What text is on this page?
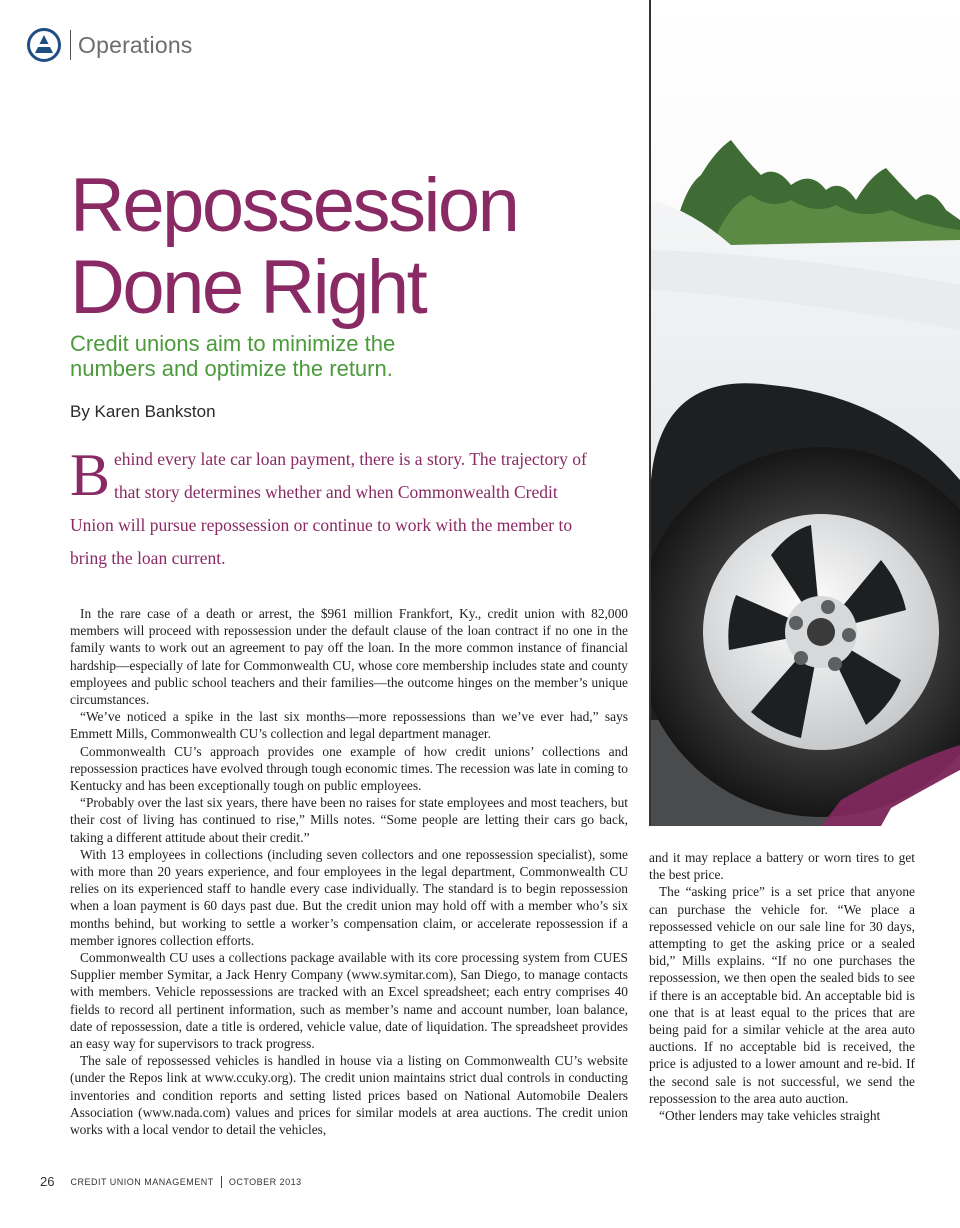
Operations
Repossession
Done Right

Credit unions aim to minimize the numbers and optimize the return.

By Karen Bankston

Behind every late car loan payment, there is a story. The trajectory of that story determines whether and when Commonwealth Credit Union will pursue repossession or continue to work with the member to bring the loan current.

In the rare case of a death or arrest, the $961 million Frankfort, Ky., credit union with 82,000 members will proceed with repossession under the default clause of the loan contract if no one in the family wants to work out an agreement to pay off the loan. In the more common instance of financial hardship—especially of late for Commonwealth CU, whose core membership includes state and county employees and public school teachers and their families—the outcome hinges on the member’s unique circumstances.

“We’ve noticed a spike in the last six months—more repossessions than we’ve ever had,” says Emmett Mills, Commonwealth CU’s collection and legal department manager.

Commonwealth CU’s approach provides one example of how credit unions’ collections and repossession practices have evolved through tough economic times. The recession was late in coming to Kentucky and has been exceptionally tough on public employees.

“Probably over the last six years, there have been no raises for state employees and most teachers, but their cost of living has continued to rise,” Mills notes. “Some people are letting their cars go back, taking a different attitude about their credit.”

With 13 employees in collections (including seven collectors and one repossession specialist), some with more than 20 years experience, and four employees in the legal department, Commonwealth CU relies on its experienced staff to handle every case individually. The standard is to begin repossession when a loan payment is 60 days past due. But the credit union may hold off with a member who’s six months behind, but working to settle a worker’s compensation claim, or accelerate repossession if a member ignores collection efforts.

Commonwealth CU uses a collections package available with its core processing system from CUES Supplier member Symitar, a Jack Henry Company (www.symitar.com), San Diego, to manage contacts with members. Vehicle repossessions are tracked with an Excel spreadsheet; each entry comprises 40 fields to record all pertinent information, such as member’s name and account number, loan balance, date of repossession, date a title is ordered, vehicle value, date of liquidation. The spreadsheet provides an easy way for supervisors to track progress.

The sale of repossessed vehicles is handled in house via a listing on Commonwealth CU’s website (under the Repos link at www.ccuky.org). The credit union maintains strict dual controls in conducting inventories and condition reports and setting listed prices based on National Automobile Dealers Association (www.nada.com) values and prices for similar models at area auctions. The credit union works with a local vendor to detail the vehicles,

and it may replace a battery or worn tires to get the best price.

The “asking price” is a set price that anyone can purchase the vehicle for. “We place a repossessed vehicle on our sale line for 30 days, attempting to get the asking price or a sealed bid,” Mills explains. “If no one purchases the repossession, we then open the sealed bids to see if there is an acceptable bid. An acceptable bid is one that is at least equal to the prices that are being paid for a similar vehicle at the area auto auctions. If no acceptable bid is received, the price is adjusted to a lower amount and re-bid. If the second sale is not successful, we send the repossession to the area auto auction.

“Other lenders may take vehicles straight

26 CREDIT UNION MANAGEMENT OCTOBER 2013
